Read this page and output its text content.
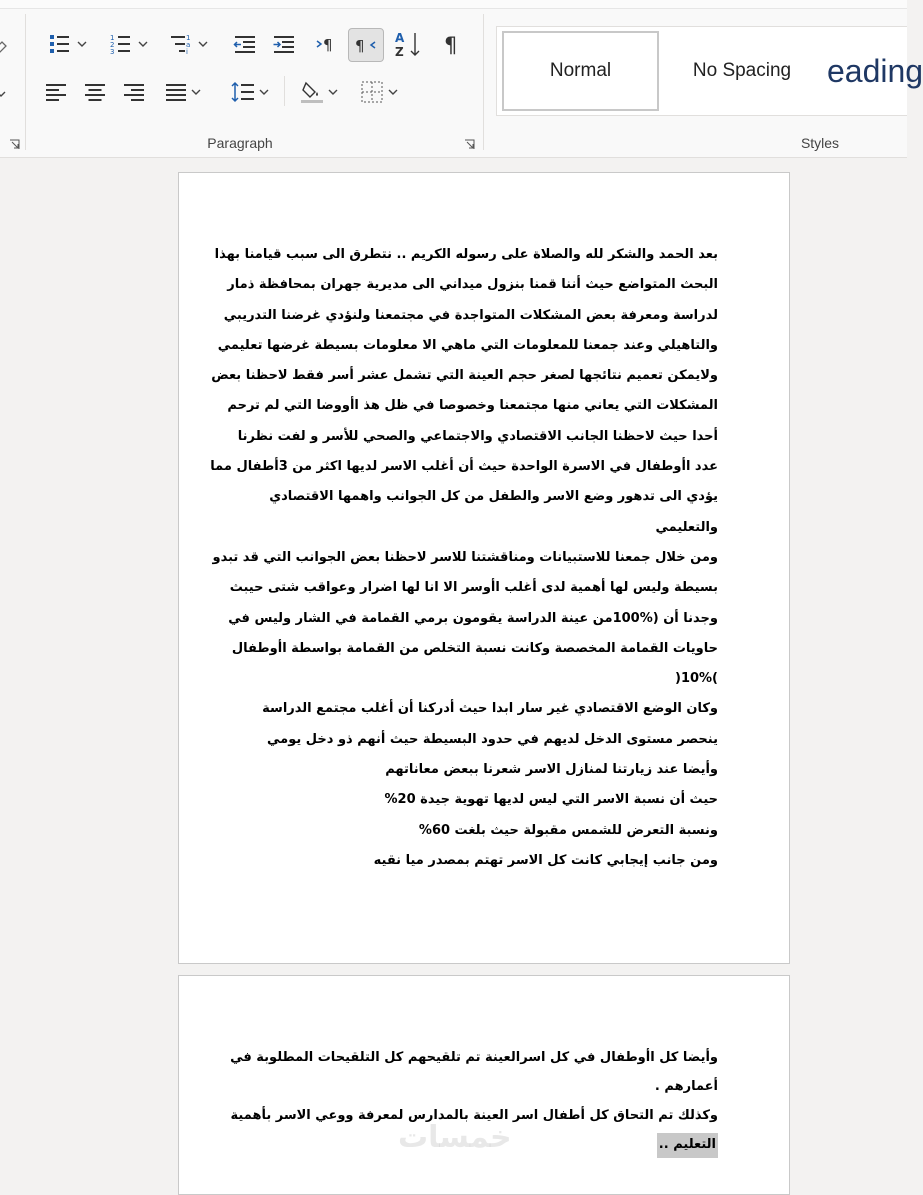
1
2
3
1
a
i	¶ ¶	A
Z ¶
Paragraph
Normal	No Spacing eading
Styles

بعد الحمد والشكر لله والصلاة على رسوله الكريم .. نتطرق الى سبب قيامنا بهذا

البحث المتواضع حيث أننا قمنا بنزول ميداني الى مديرية جهران بمحافظة ذمار

لدراسة ومعرفة بعض المشكلات المتواجدة في مجتمعنا ولنؤدي غرضنا التدريبي

والتاهيلي وعند جمعنا للمعلومات التي ماهي الا معلومات بسيطة غرضها تعليمي

ولايمكن تعميم نتائجها لصغر حجم العينة التي تشمل عشر أسر فقط لاحظنا بعض

المشكلات التي يعاني منها مجتمعنا وخصوصا في ظل هذ اأووضا التي لم ترحم

أحدا حيث لاحظنا الجانب الاقتصادي والاجتماعي والصحي للأسر و لفت نظرنا

عدد اأوطفال في الاسرة الواحدة حيث أن أغلب الاسر لديها اكثر من 3أطفال مما

يؤدي الى تدهور وضع الاسر والطفل من كل الجوانب واهمها الاقتصادي

والتعليمي

ومن خلال جمعنا للاستبيانات ومناقشتنا للاسر لاحظنا بعض الجوانب التي قد تبدو

بسيطة وليس لها أهمية لدى أغلب اأوسر الا انا لها اضرار وعواقب شتى حيبث

وجدنا أن (%100من عينة الدراسة يقومون برمي القمامة في الشار وليس في

حاويات القمامة المخصصة وكانت نسبة التخلص من القمامة بواسطة اأوطفال

)10%(

وكان الوضع الاقتصادي غير سار ابدا حيث أدركنا أن أغلب مجتمع الدراسة

ينحصر مستوى الدخل لديهم في حدود البسيطة حيث أنهم ذو دخل يومي

وأيضا عند زيارتنا لمنازل الاسر شعرنا ببعض معاناتهم

حيث أن نسبة الاسر التي ليس لديها تهوية جيدة 20%

ونسبة التعرض للشمس مقبولة حيث بلغت 60%

ومن جانب إيجابي كانت كل الاسر تهتم بمصدر ميا نقيه

وأيضا كل اأوطفال في كل اسرالعينة تم تلقيحهم كل التلقيحات المطلوبة في

أعمارهم .

وكذلك تم التحاق كل أطفال اسر العينة بالمدارس لمعرفة ووعي الاسر بأهمية

التعليم ..

خمسات
